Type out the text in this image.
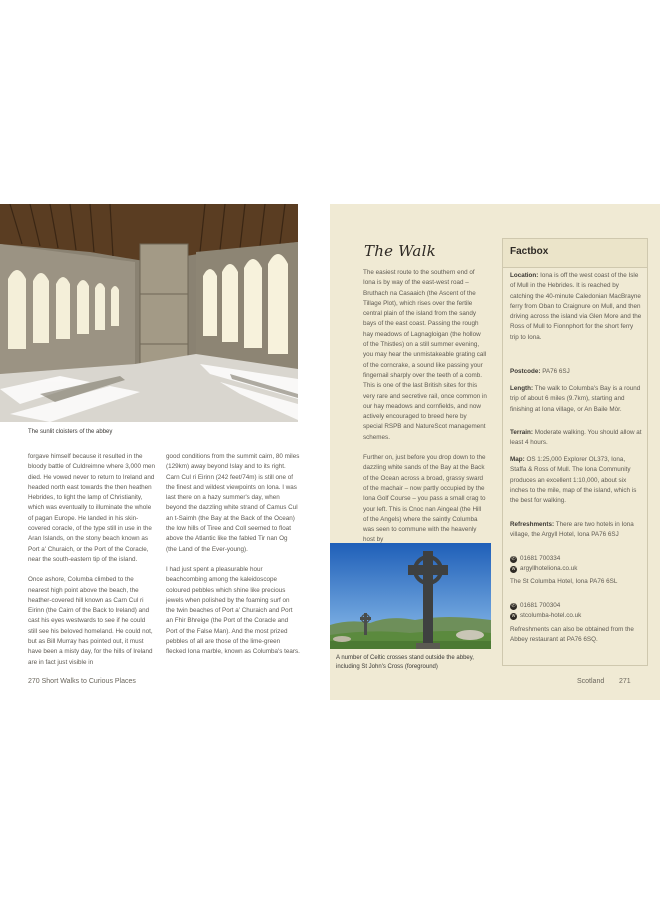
The sunlit cloisters of the abbey

forgave himself because it resulted in the bloody battle of Culdreimne where 3,000 men died. He vowed never to return to Ireland and headed north east towards the then heathen Hebrides, to light the lamp of Christianity, which was eventually to illuminate the whole of pagan Europe. He landed in his skin-covered coracle, of the type still in use in the Aran Islands, on the stony beach known as Port a' Churaich, or the Port of the Coracle, near the south-eastern tip of the island.

Once ashore, Columba climbed to the nearest high point above the beach, the heather-covered hill known as Carn Cul ri Eirinn (the Cairn of the Back to Ireland) and cast his eyes westwards to see if he could still see his beloved homeland. He could not, but as Bill Murray has pointed out, it must have been a misty day, for the hills of Ireland are in fact just visible in

good conditions from the summit cairn, 80 miles (129km) away beyond Islay and to its right. Carn Cul ri Eirinn (242 feet/74m) is still one of the finest and wildest viewpoints on Iona. I was last there on a hazy summer's day, when beyond the dazzling white strand of Camus Cul an t-Saimh (the Bay at the Back of the Ocean) the low hills of Tiree and Coll seemed to float above the Atlantic like the fabled Tir nan Og (the Land of the Ever-young).

I had just spent a pleasurable hour beachcombing among the kaleidoscope coloured pebbles which shine like precious jewels when polished by the foaming surf on the twin beaches of Port a' Churaich and Port an Fhir Bhreige (the Port of the Coracle and Port of the False Man). And the most prized pebbles of all are those of the lime-green flecked Iona marble, known as Columba's tears.

270 Short Walks to Curious Places
The Walk

The easiest route to the southern end of Iona is by way of the east-west road – Bruthach na Casaaich (the Ascent of the Tillage Plot), which rises over the fertile central plain of the island from the sandy bays of the east coast. Passing the rough hay meadows of Lagnagloigan (the hollow of the Thistles) on a still summer evening, you may hear the unmistakeable grating call of the corncrake, a sound like passing your fingernail sharply over the teeth of a comb. This is one of the last British sites for this very rare and secretive rail, once common in our hay meadows and cornfields, and now actively encouraged to breed here by special RSPB and NatureScot management schemes.

Further on, just before you drop down to the dazzling white sands of the Bay at the Back of the Ocean across a broad, grassy sward of the machair – now partly occupied by the Iona Golf Course – you pass a small crag to your left. This is Cnoc nan Aingeal (the Hill of the Angels) where the saintly Columba was seen to commune with the heavenly host by

A number of Celtic crosses stand outside the abbey, including St John's Cross (foreground)
Factbox
Location: Iona is off the west coast of the Isle of Mull in the Hebrides. It is reached by catching the 40-minute Caledonian MacBrayne ferry from Oban to Craignure on Mull, and then driving across the island via Glen More and the Ross of Mull to Fionnphort for the short ferry trip to Iona.
Postcode: PA76 6SJ
Length: The walk to Columba's Bay is a round trip of about 6 miles (9.7km), starting and finishing at Iona village, or An Baile Mòr.
Terrain: Moderate walking. You should allow at least 4 hours.
Map: OS 1:25,000 Explorer OL373, Iona, Staffa & Ross of Mull. The Iona Community produces an excellent 1:10,000, about six inches to the mile, map of the island, which is the best for walking.
Refreshments: There are two hotels in Iona village, the Argyll Hotel, Iona PA76 6SJ
✆ 01681 700334
w argyllhoteliona.co.uk
The St Columba Hotel, Iona PA76 6SL
✆ 01681 700304
w stcolumba-hotel.co.uk
Refreshments can also be obtained from the Abbey restaurant at PA76 6SQ.
Scotland 271
